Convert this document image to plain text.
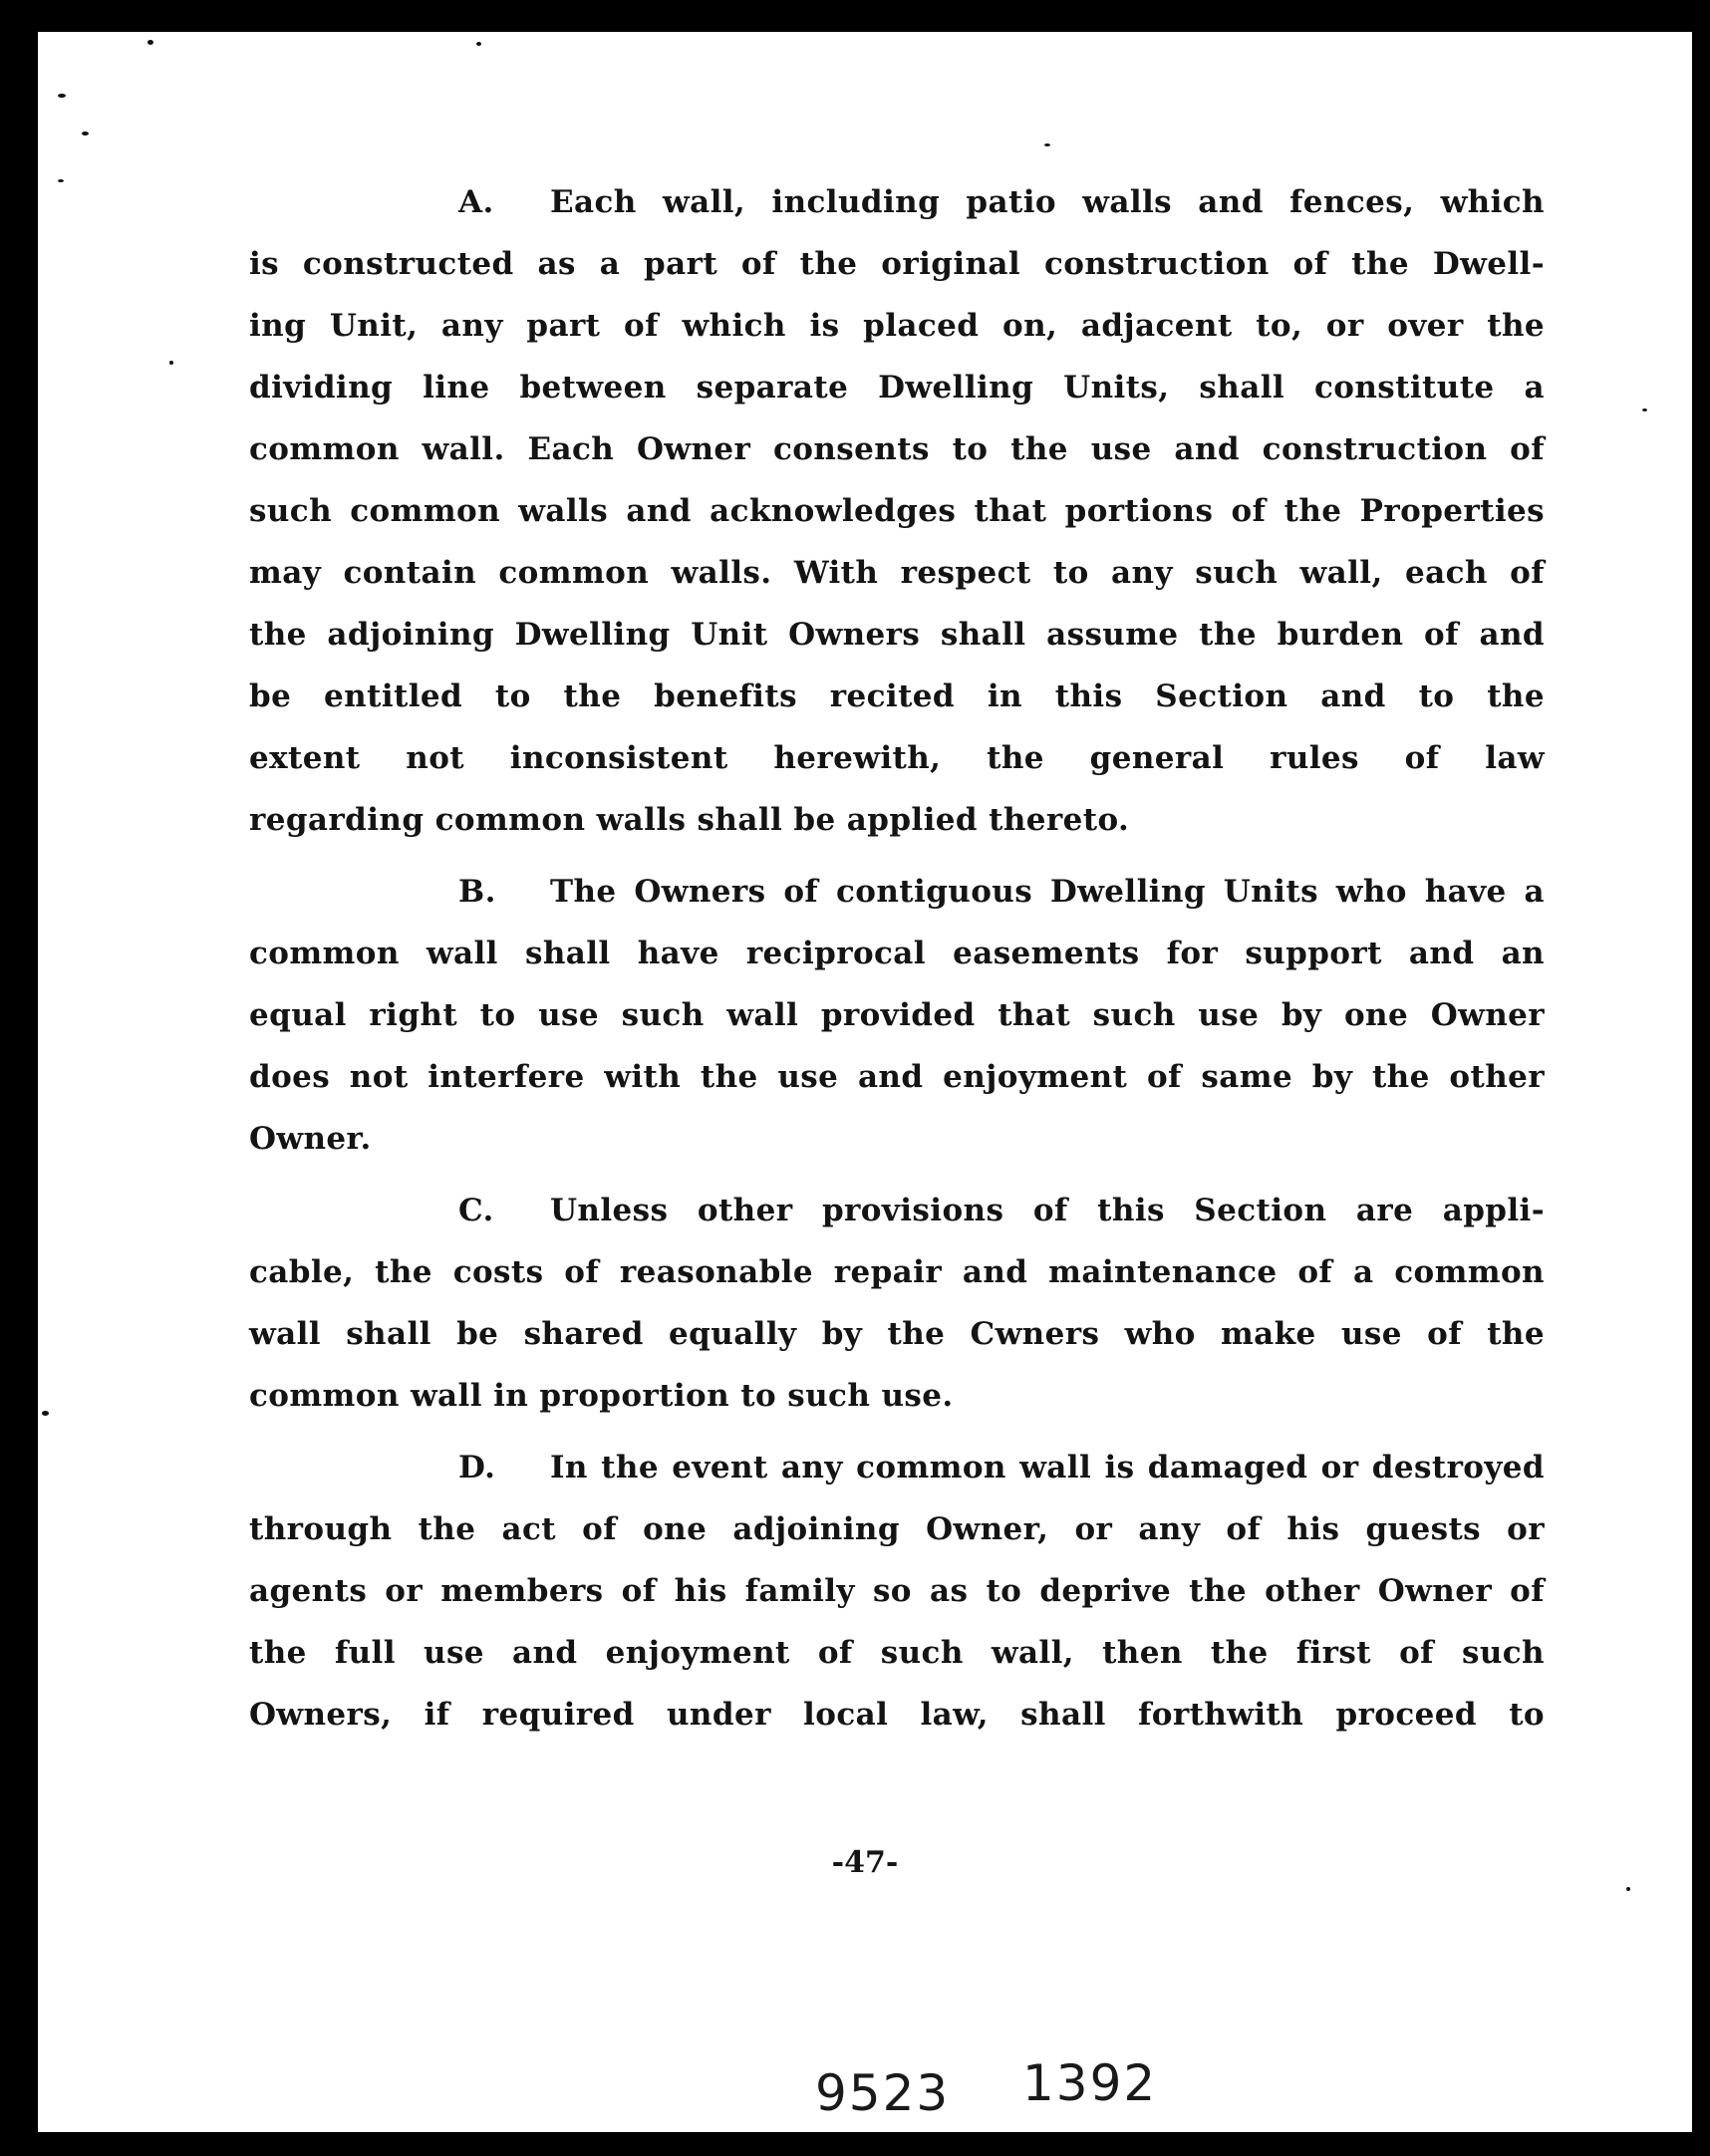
A. Each wall, including patio walls and fences, which
is constructed as a part of the original construction of the Dwell-
ing Unit, any part of which is placed on, adjacent to, or over the
dividing line between separate Dwelling Units, shall constitute a
common wall. Each Owner consents to the use and construction of
such common walls and acknowledges that portions of the Properties
may contain common walls. With respect to any such wall, each of
the adjoining Dwelling Unit Owners shall assume the burden of and
be entitled to the benefits recited in this Section and to the
extent not inconsistent herewith, the general rules of law
regarding common walls shall be applied thereto.
B. The Owners of contiguous Dwelling Units who have a
common wall shall have reciprocal easements for support and an
equal right to use such wall provided that such use by one Owner
does not interfere with the use and enjoyment of same by the other
Owner.
C. Unless other provisions of this Section are appli-
cable, the costs of reasonable repair and maintenance of a common
wall shall be shared equally by the Cwners who make use of the
common wall in proportion to such use.
D. In the event any common wall is damaged or destroyed
through the act of one adjoining Owner, or any of his guests or
agents or members of his family so as to deprive the other Owner of
the full use and enjoyment of such wall, then the first of such
Owners, if required under local law, shall forthwith proceed to
-47-
9523 1392
